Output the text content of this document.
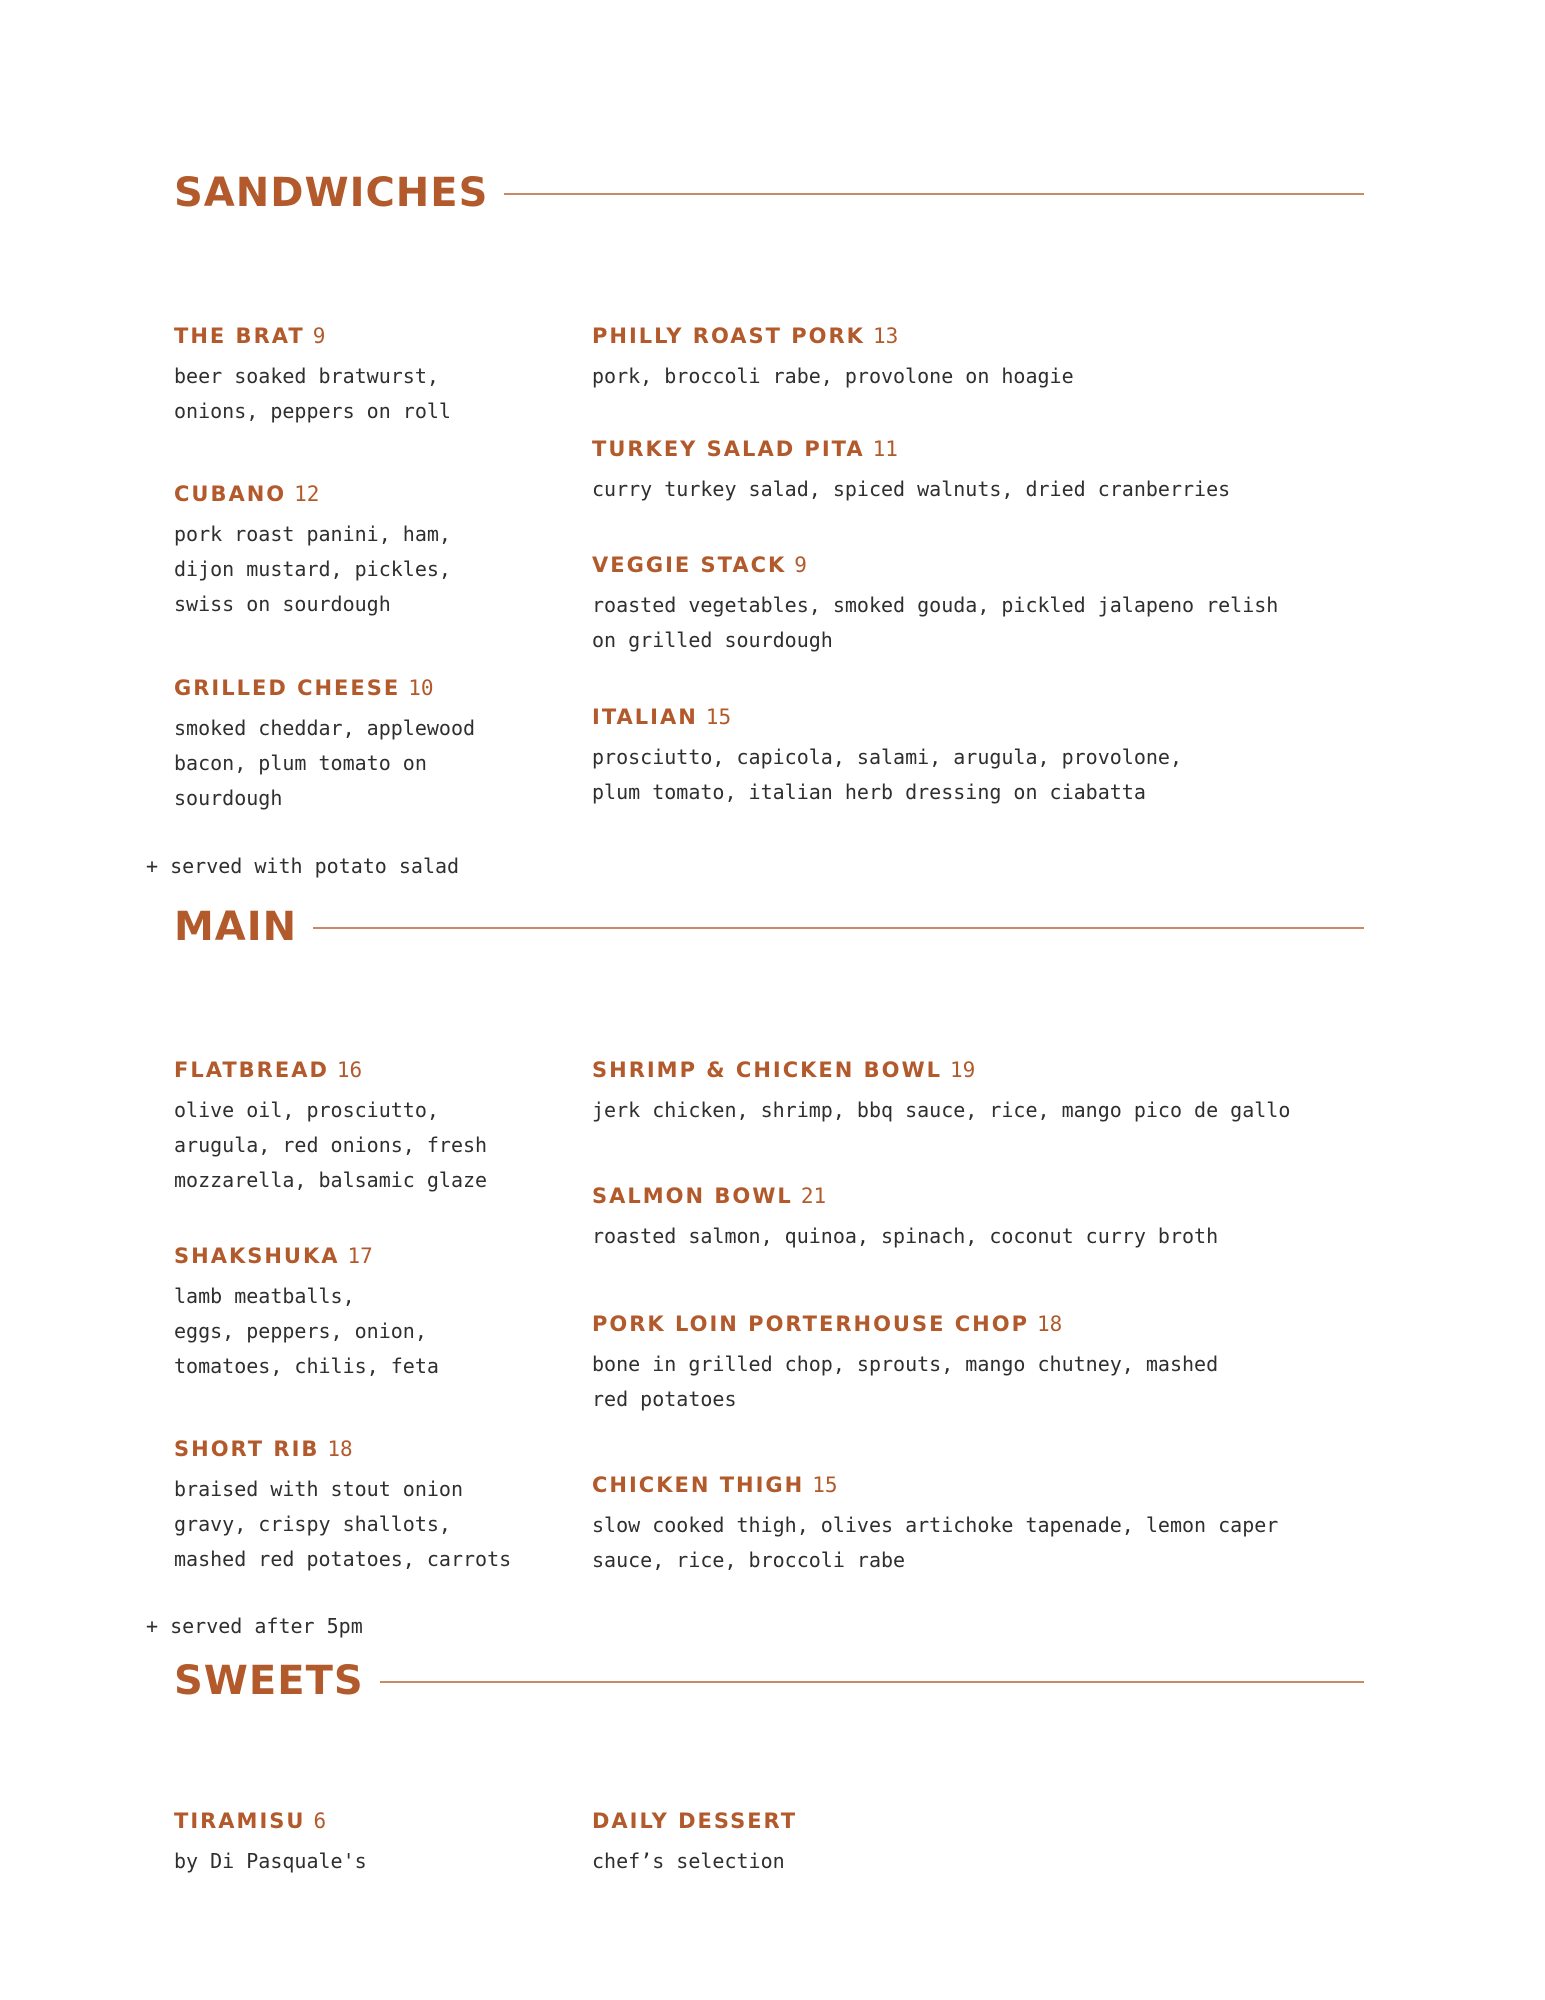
SANDWICHES
THE BRAT 9
beer soaked bratwurst,
onions, peppers on roll
CUBANO 12
pork roast panini, ham,
dijon mustard, pickles,
swiss on sourdough
GRILLED CHEESE 10
smoked cheddar, applewood
bacon, plum tomato on
sourdough
+ served with potato salad
PHILLY ROAST PORK 13
pork, broccoli rabe, provolone on hoagie
TURKEY SALAD PITA 11
curry turkey salad, spiced walnuts, dried cranberries
VEGGIE STACK 9
roasted vegetables, smoked gouda, pickled jalapeno relish
on grilled sourdough
ITALIAN 15
prosciutto, capicola, salami, arugula, provolone,
plum tomato, italian herb dressing on ciabatta
MAIN
FLATBREAD 16
olive oil, prosciutto,
arugula, red onions, fresh
mozzarella, balsamic glaze
SHAKSHUKA 17
lamb meatballs,
eggs, peppers, onion,
tomatoes, chilis, feta
SHORT RIB 18
braised with stout onion
gravy, crispy shallots,
mashed red potatoes, carrots
+ served after 5pm
SHRIMP & CHICKEN BOWL 19
jerk chicken, shrimp, bbq sauce, rice, mango pico de gallo
SALMON BOWL 21
roasted salmon, quinoa, spinach, coconut curry broth
PORK LOIN PORTERHOUSE CHOP 18
bone in grilled chop, sprouts, mango chutney, mashed
red potatoes
CHICKEN THIGH 15
slow cooked thigh, olives artichoke tapenade, lemon caper
sauce, rice, broccoli rabe
SWEETS
TIRAMISU 6
by Di Pasquale's
DAILY DESSERT
chef’s selection
